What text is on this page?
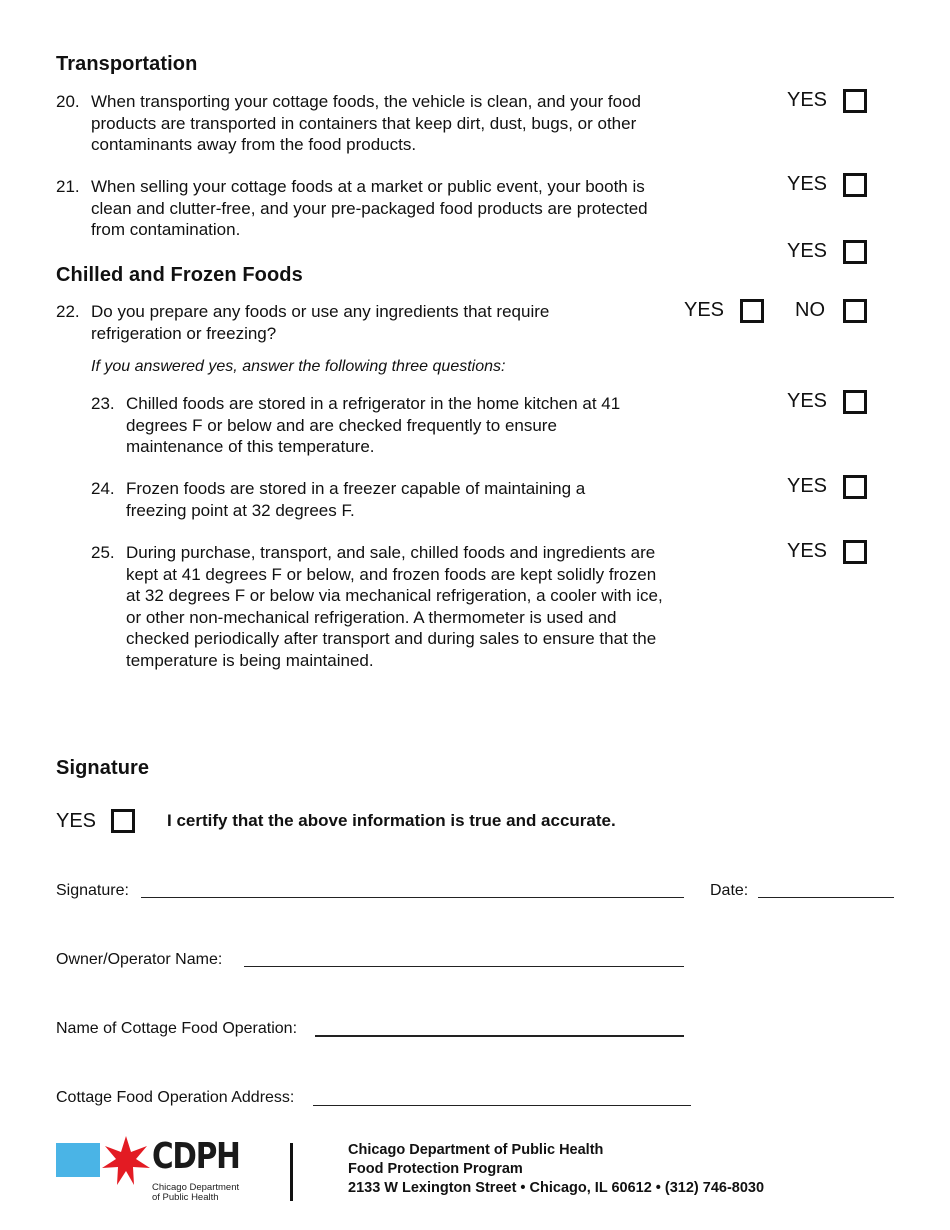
Transportation
20. When transporting your cottage foods, the vehicle is clean, and your food products are transported in containers that keep dirt, dust, bugs, or other contaminants away from the food products.
YES
21. When selling your cottage foods at a market or public event, your booth is clean and clutter-free, and your pre-packaged food products are protected from contamination.
YES
YES
Chilled and Frozen Foods
22. Do you prepare any foods or use any ingredients that require refrigeration or freezing?
YES	NO
If you answered yes, answer the following three questions:
23. Chilled foods are stored in a refrigerator in the home kitchen at 41 degrees F or below and are checked frequently to ensure maintenance of this temperature.
YES
24. Frozen foods are stored in a freezer capable of maintaining a freezing point at 32 degrees F.
YES
25. During purchase, transport, and sale, chilled foods and ingredients are kept at 41 degrees F or below, and frozen foods are kept solidly frozen at 32 degrees F or below via mechanical refrigeration, a cooler with ice, or other non-mechanical refrigeration. A thermometer is used and checked periodically after transport and during sales to ensure that the temperature is being maintained.
YES
Signature
YES	I certify that the above information is true and accurate.
Signature:	Date:
Owner/Operator Name:
Name of Cottage Food Operation:
Cottage Food Operation Address:
CDPH
Chicago Department
of Public Health
Chicago Department of Public Health
Food Protection Program
2133 W Lexington Street • Chicago, IL 60612 • (312) 746-8030
